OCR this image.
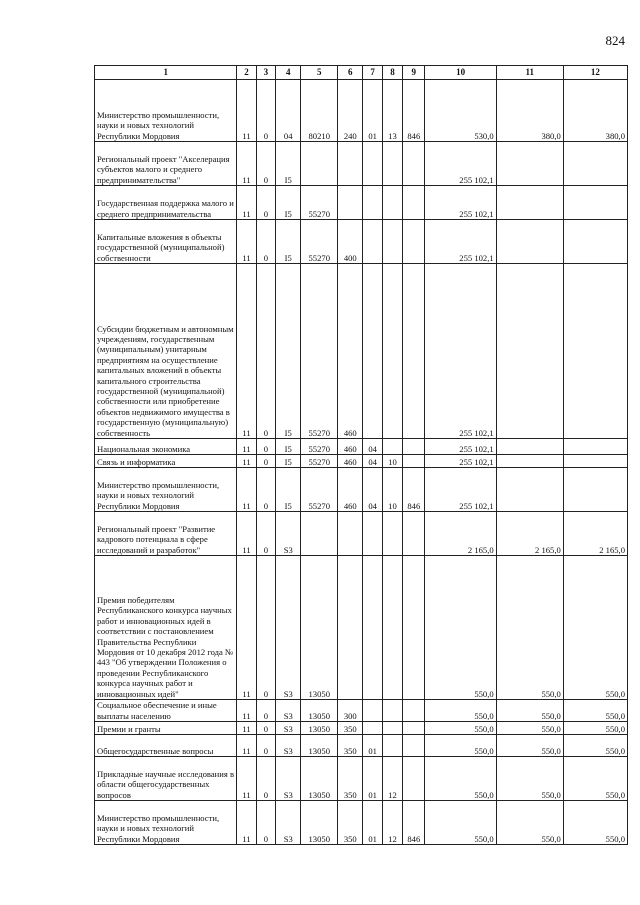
824
1	2	3	4	5	6	7	8	9	10	11	12
Министерство промышленности, науки и новых технологий Республики Мордовия	11	0	04	80210	240	01	13	846	530,0	380,0	380,0
Региональный проект "Акселерация субъектов малого и среднего предпринимательства"	11	0	I5						255 102,1		
Государственная поддержка малого и среднего предпринимательства	11	0	I5	55270					255 102,1		
Капитальные вложения в объекты государственной (муниципальной) собственности	11	0	I5	55270	400				255 102,1		
Субсидии бюджетным и автономным учреждениям, государственным (муниципальным) унитарным предприятиям на осуществление капитальных вложений в объекты капитального строительства государственной (муниципальной) собственности или приобретение объектов недвижимого имущества в государственную (муниципальную) собственность	11	0	I5	55270	460				255 102,1		
Национальная экономика	11	0	I5	55270	460	04			255 102,1		
Связь и информатика	11	0	I5	55270	460	04	10		255 102,1		
Министерство промышленности, науки и новых технологий Республики Мордовия	11	0	I5	55270	460	04	10	846	255 102,1		
Региональный проект "Развитие кадрового потенциала в сфере исследований и разработок"	11	0	S3						2 165,0	2 165,0	2 165,0
Премия победителям Республиканского конкурса научных работ и инновационных идей в соответствии с постановлением Правительства Республики Мордовия от 10 декабря 2012 года № 443 "Об утверждении Положения о проведении Республиканского конкурса научных работ и инновационных идей"	11	0	S3	13050					550,0	550,0	550,0
Социальное обеспечение и иные выплаты населению	11	0	S3	13050	300				550,0	550,0	550,0
Премии и гранты	11	0	S3	13050	350				550,0	550,0	550,0
Общегосударственные вопросы	11	0	S3	13050	350	01			550,0	550,0	550,0
Прикладные научные исследования в области общегосударственных вопросов	11	0	S3	13050	350	01	12		550,0	550,0	550,0
Министерство промышленности, науки и новых технологий Республики Мордовия	11	0	S3	13050	350	01	12	846	550,0	550,0	550,0
